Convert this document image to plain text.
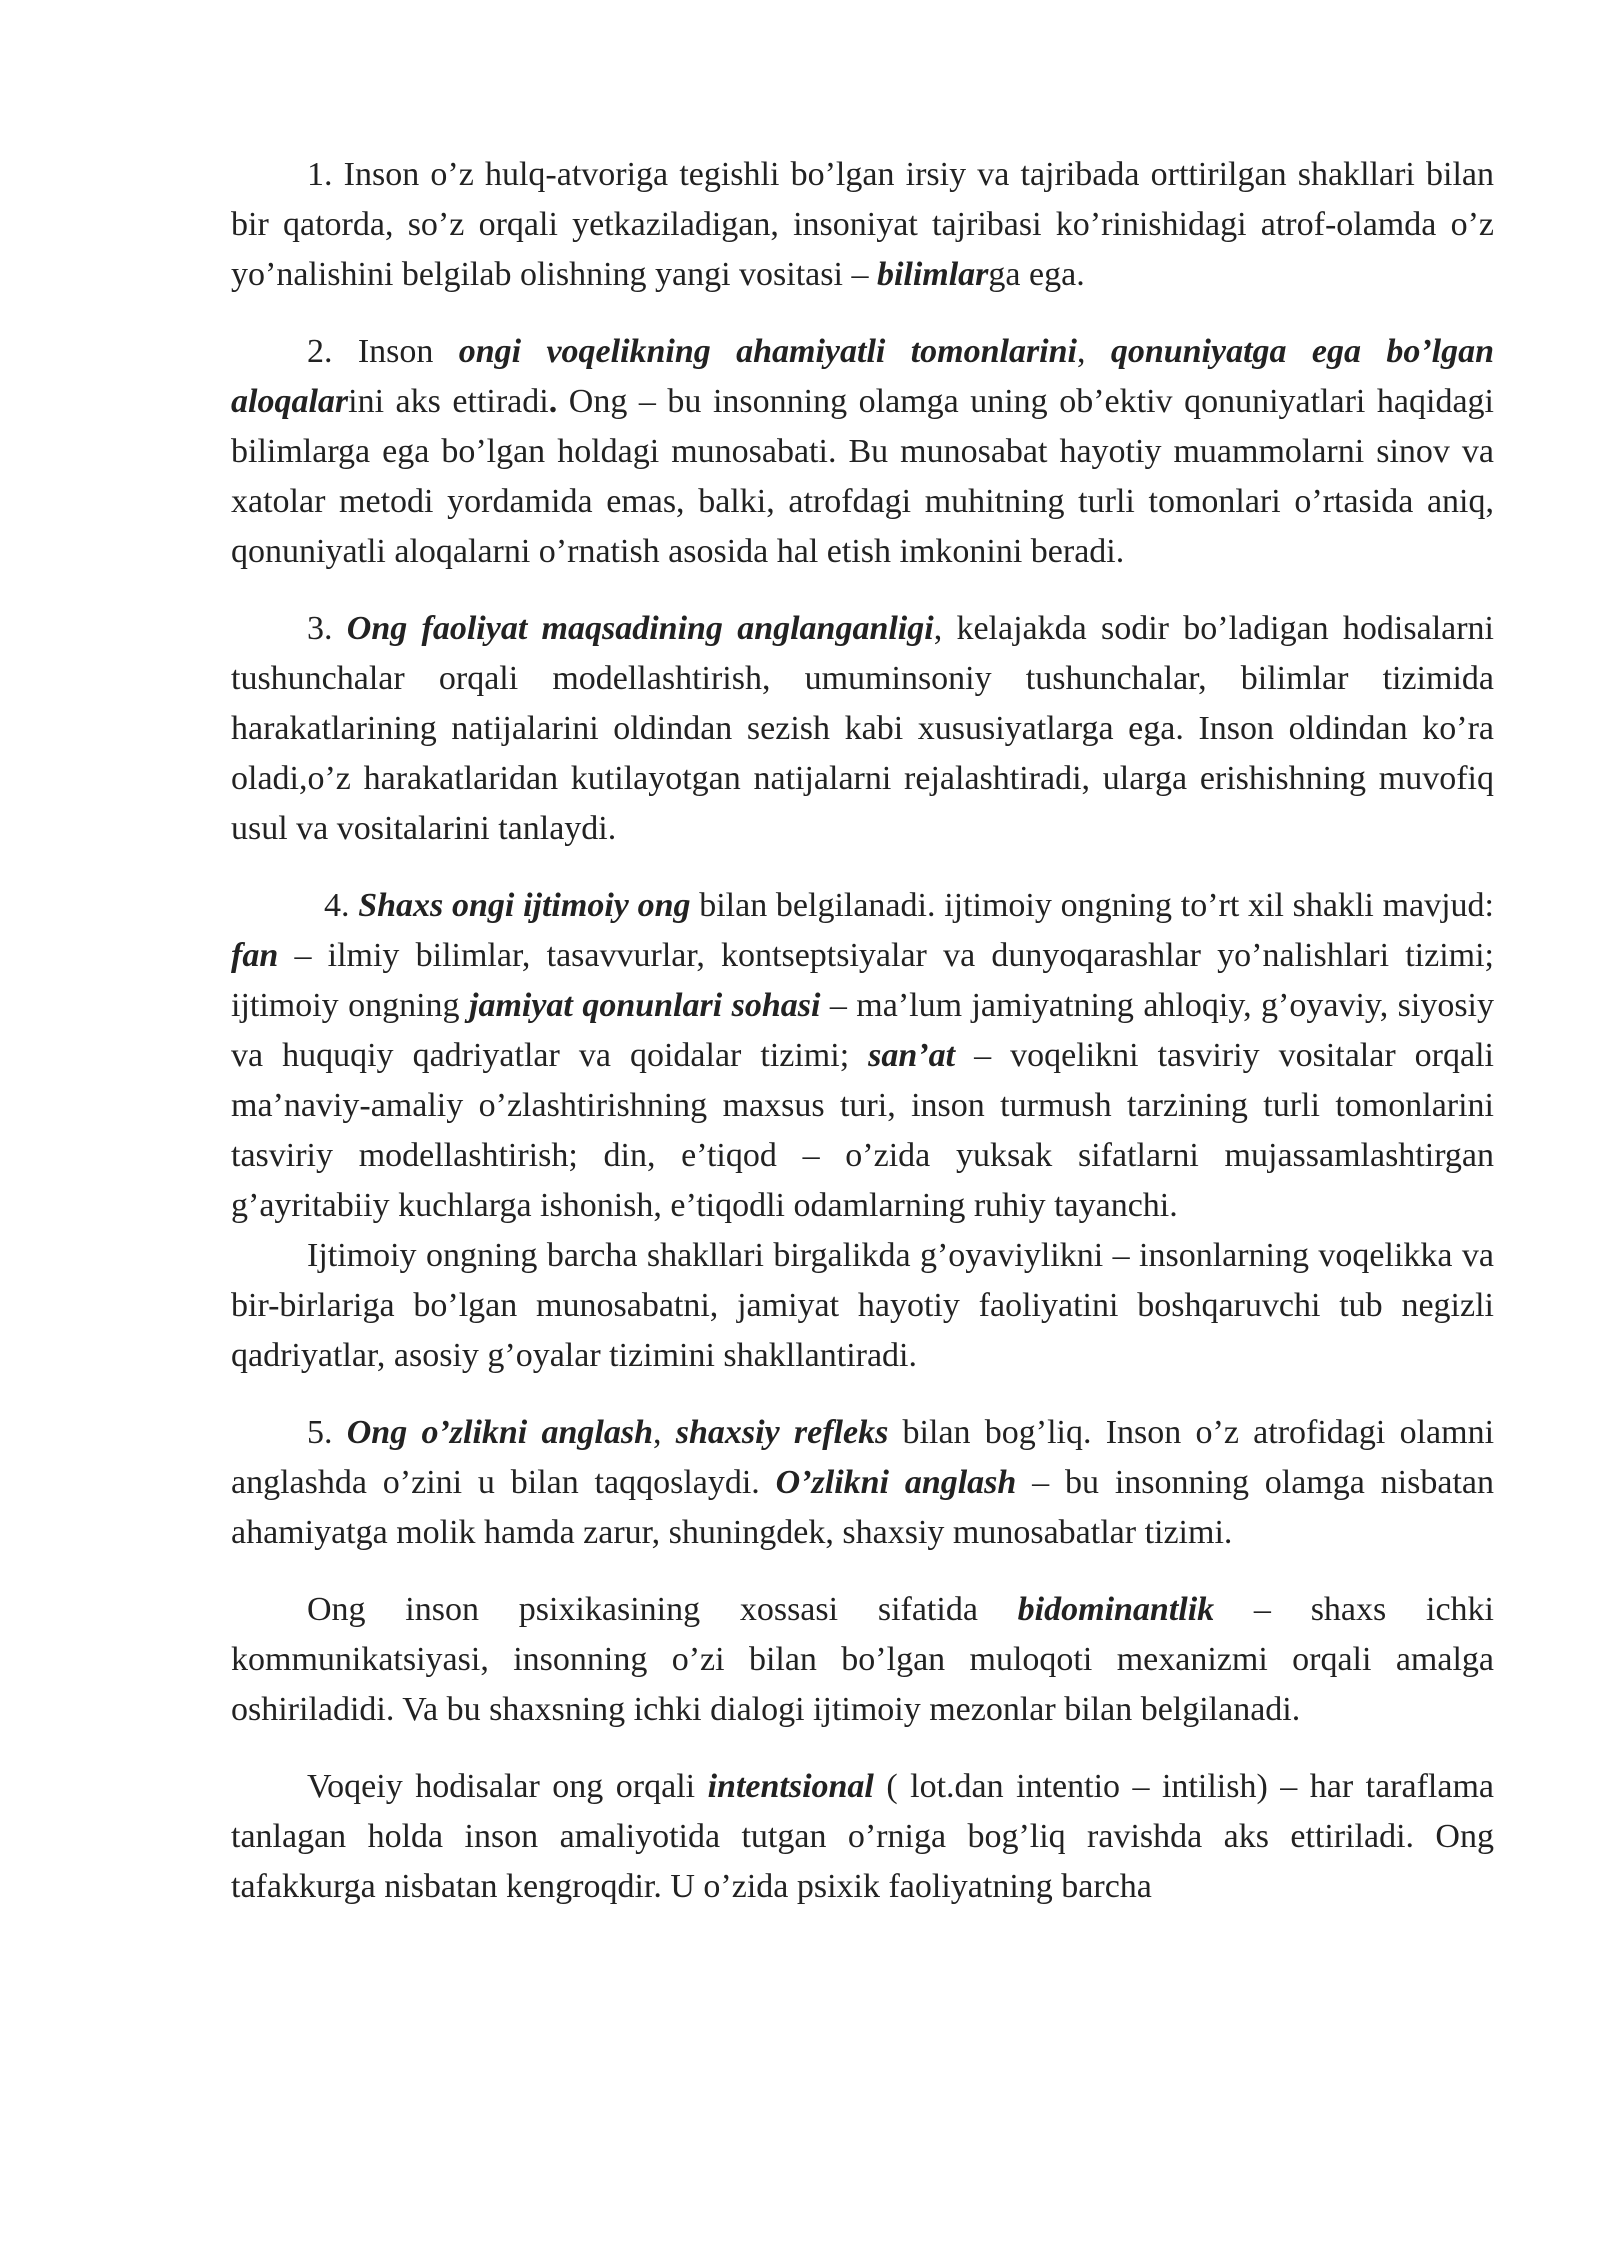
1. Inson o’z hulq-atvoriga tegishli bo’lgan irsiy va tajribada orttirilgan shakllari bilan bir qatorda, so’z orqali yetkaziladigan, insoniyat tajribasi ko’rinishidagi atrof-olamda o’z yo’nalishini belgilab olishning yangi vositasi – bilimlarga ega.

2. Inson ongi voqelikning ahamiyatli tomonlarini, qonuniyatga ega bo’lgan aloqalarini aks ettiradi. Ong – bu insonning olamga uning ob’ektiv qonuniyatlari haqidagi bilimlarga ega bo’lgan holdagi munosabati. Bu munosabat hayotiy muammolarni sinov va xatolar metodi yordamida emas, balki, atrofdagi muhitning turli tomonlari o’rtasida aniq, qonuniyatli aloqalarni o’rnatish asosida hal etish imkonini beradi.

3. Ong faoliyat maqsadining anglanganligi, kelajakda sodir bo’ladigan hodisalarni tushunchalar orqali modellashtirish, umuminsoniy tushunchalar, bilimlar tizimida harakatlarining natijalarini oldindan sezish kabi xususiyatlarga ega. Inson oldindan ko’ra oladi,o’z harakatlaridan kutilayotgan natijalarni rejalashtiradi, ularga erishishning muvofiq usul va vositalarini tanlaydi.

4. Shaxs ongi ijtimoiy ong bilan belgilanadi. ijtimoiy ongning to’rt xil shakli mavjud: fan – ilmiy bilimlar, tasavvurlar, kontseptsiyalar va dunyoqarashlar yo’nalishlari tizimi; ijtimoiy ongning jamiyat qonunlari sohasi – ma’lum jamiyatning ahloqiy, g’oyaviy, siyosiy va huquqiy qadriyatlar va qoidalar tizimi; san’at – voqelikni tasviriy vositalar orqali ma’naviy-amaliy o’zlashtirishning maxsus turi, inson turmush tarzining turli tomonlarini tasviriy modellashtirish; din, e’tiqod – o’zida yuksak sifatlarni mujassamlashtirgan g’ayritabiiy kuchlarga ishonish, e’tiqodli odamlarning ruhiy tayanchi.

Ijtimoiy ongning barcha shakllari birgalikda g’oyaviylikni – insonlarning voqelikka va bir-birlariga bo’lgan munosabatni, jamiyat hayotiy faoliyatini boshqaruvchi tub negizli qadriyatlar, asosiy g’oyalar tizimini shakllantiradi.

5. Ong o’zlikni anglash, shaxsiy refleks bilan bog’liq. Inson o’z atrofidagi olamni anglashda o’zini u bilan taqqoslaydi. O’zlikni anglash – bu insonning olamga nisbatan ahamiyatga molik hamda zarur, shuningdek, shaxsiy munosabatlar tizimi.

Ong inson psixikasining xossasi sifatida bidominantlik – shaxs ichki kommunikatsiyasi, insonning o’zi bilan bo’lgan muloqoti mexanizmi orqali amalga oshiriladidi. Va bu shaxsning ichki dialogi ijtimoiy mezonlar bilan belgilanadi.

Voqeiy hodisalar ong orqali intentsional ( lot.dan intentio – intilish) – har taraflama tanlagan holda inson amaliyotida tutgan o’rniga bog’liq ravishda aks ettiriladi. Ong tafakkurga nisbatan kengroqdir. U o’zida psixik faoliyatning barcha
